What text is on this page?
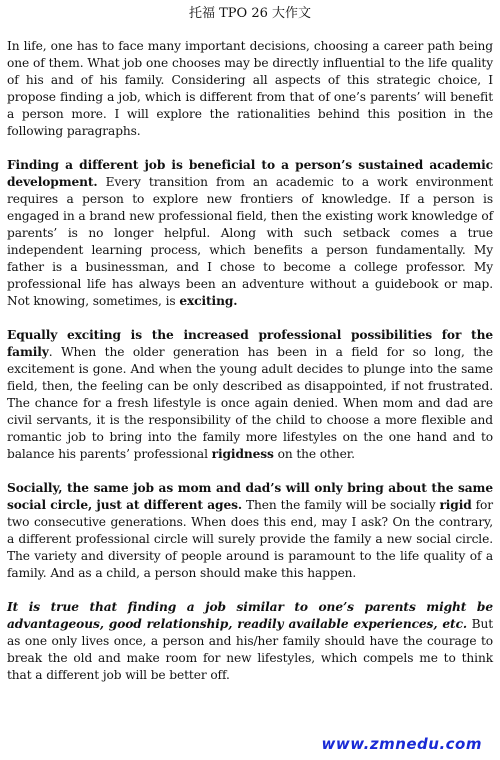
托福 TPO 26 大作文

In life, one has to face many important decisions, choosing a career path being one of them. What job one chooses may be directly influential to the life quality of his and of his family. Considering all aspects of this strategic choice, I propose finding a job, which is different from that of one’s parents’ will benefit a person more. I will explore the rationalities behind this position in the following paragraphs.

Finding a different job is beneficial to a person’s sustained academic development. Every transition from an academic to a work environment requires a person to explore new frontiers of knowledge. If a person is engaged in a brand new professional field, then the existing work knowledge of parents’ is no longer helpful. Along with such setback comes a true independent learning process, which benefits a person fundamentally. My father is a businessman, and I chose to become a college professor. My professional life has always been an adventure without a guidebook or map. Not knowing, sometimes, is exciting.

Equally exciting is the increased professional possibilities for the family. When the older generation has been in a field for so long, the excitement is gone. And when the young adult decides to plunge into the same field, then, the feeling can be only described as disappointed, if not frustrated. The chance for a fresh lifestyle is once again denied. When mom and dad are civil servants, it is the responsibility of the child to choose a more flexible and romantic job to bring into the family more lifestyles on the one hand and to balance his parents’ professional rigidness on the other.

Socially, the same job as mom and dad’s will only bring about the same social circle, just at different ages. Then the family will be socially rigid for two consecutive generations. When does this end, may I ask? On the contrary, a different professional circle will surely provide the family a new social circle. The variety and diversity of people around is paramount to the life quality of a family. And as a child, a person should make this happen.

It is true that finding a job similar to one’s parents might be advantageous, good relationship, readily available experiences, etc. But as one only lives once, a person and his/her family should have the courage to break the old and make room for new lifestyles, which compels me to think that a different job will be better off.

www.zmnedu.com
